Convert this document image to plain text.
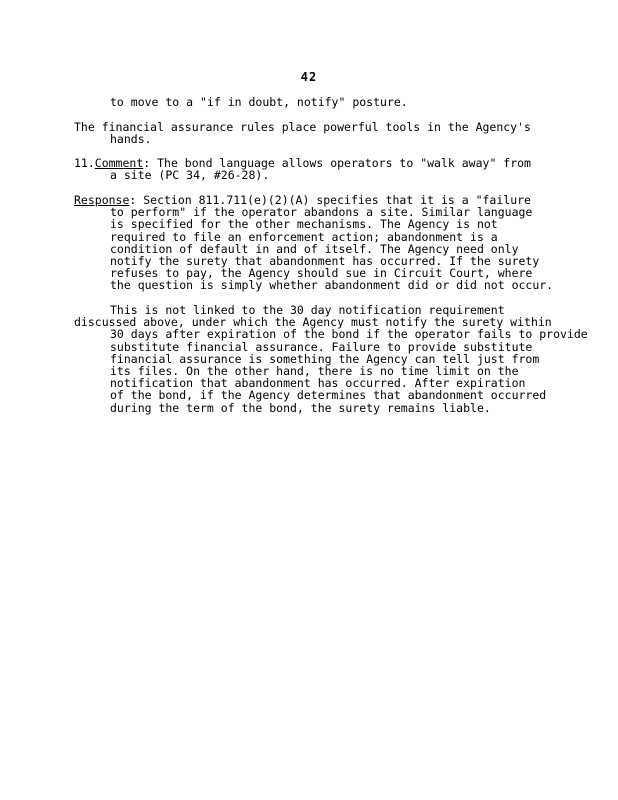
42
to move to a "if in doubt, notify" posture.
The financial assurance rules place powerful tools in the Agency's
hands.
11.Comment: The bond language allows operators to "walk away" from
a site (PC 34, #26-28).
Response: Section 811.711(e)(2)(A) specifies that it is a "failure
to perform" if the operator abandons a site. Similar language
is specified for the other mechanisms. The Agency is not
required to file an enforcement action; abandonment is a
condition of default in and of itself. The Agency need only
notify the surety that abandonment has occurred. If the surety
refuses to pay, the Agency should sue in Circuit Court, where
the question is simply whether abandonment did or did not occur.
This is not linked to the 30 day notification requirement
discussed above, under which the Agency must notify the surety within
30 days after expiration of the bond if the operator fails to provide
substitute financial assurance. Failure to provide substitute
financial assurance is something the Agency can tell just from
its files. On the other hand, there is no time limit on the
notification that abandonment has occurred. After expiration
of the bond, if the Agency determines that abandonment occurred
during the term of the bond, the surety remains liable.
